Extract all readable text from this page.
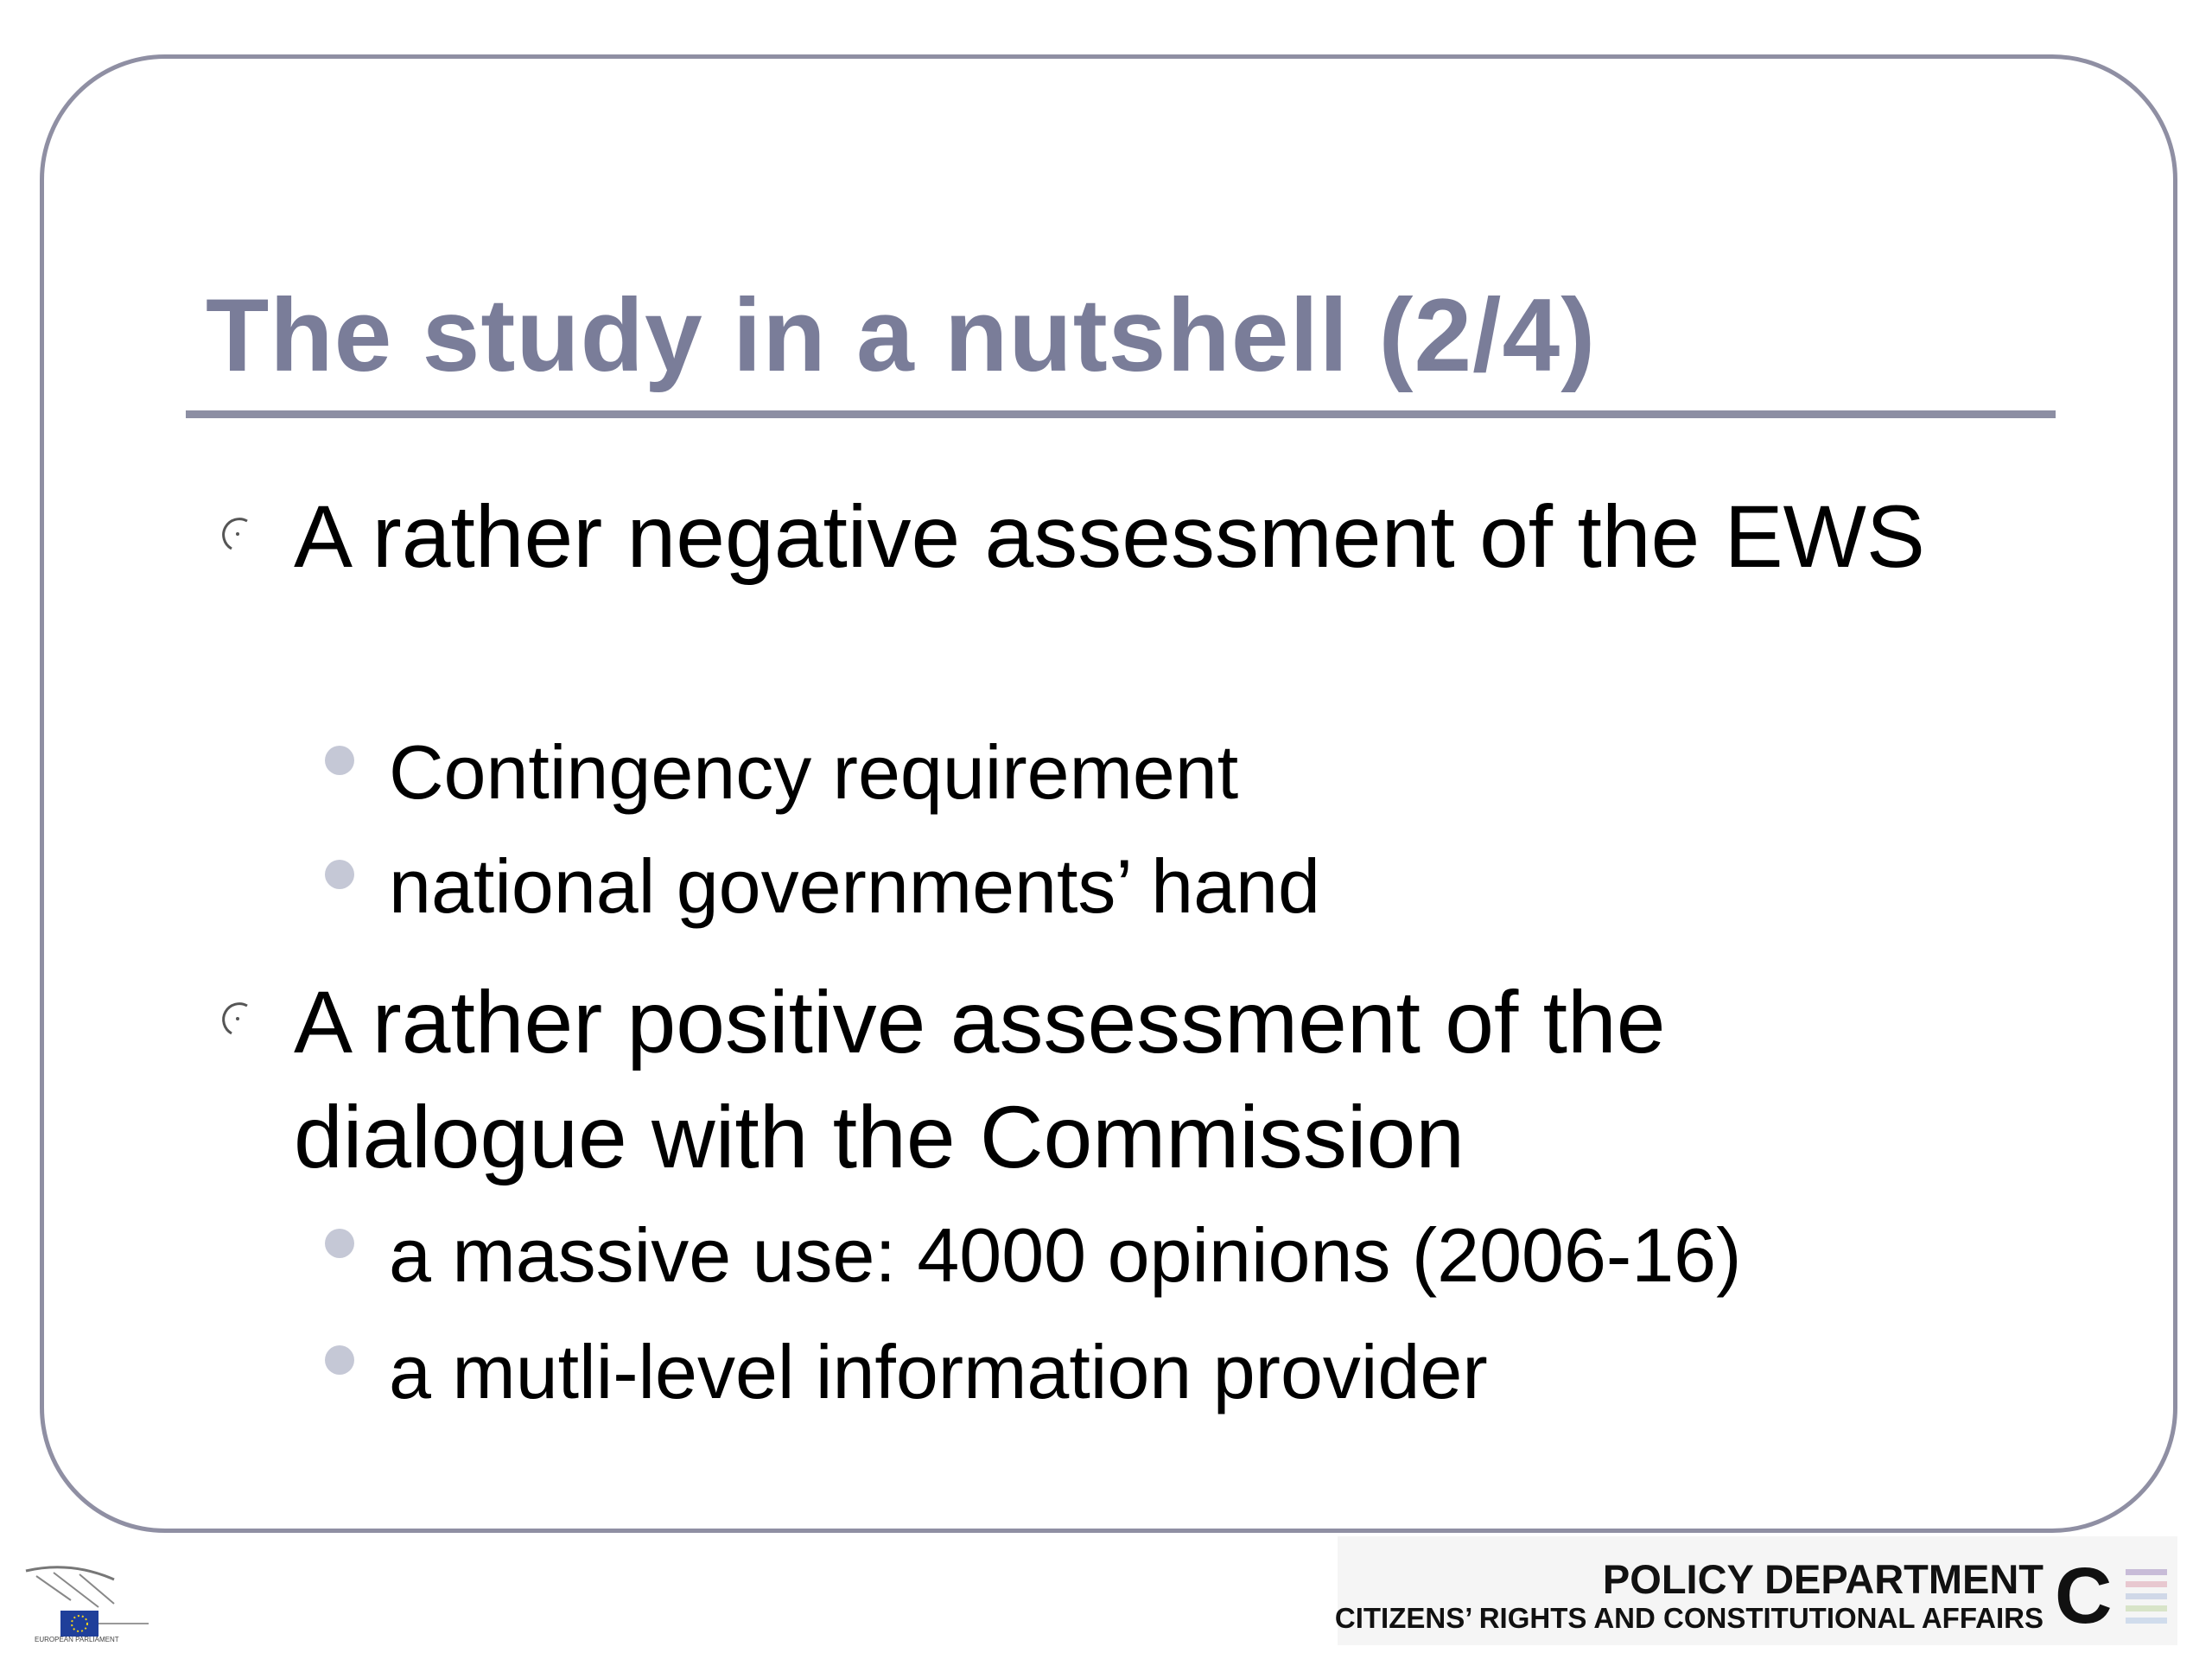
The study in a nutshell (2/4)

A rather negative assessment of the EWS

Contingency requirement

national governments’ hand

A rather positive assessment of the dialogue with the Commission

a massive use: 4000 opinions (2006-16)

a mutli-level information provider

EUROPEAN PARLIAMENT

POLICY DEPARTMENT

CITIZENS’ RIGHTS AND CONSTITUTIONAL AFFAIRS C
